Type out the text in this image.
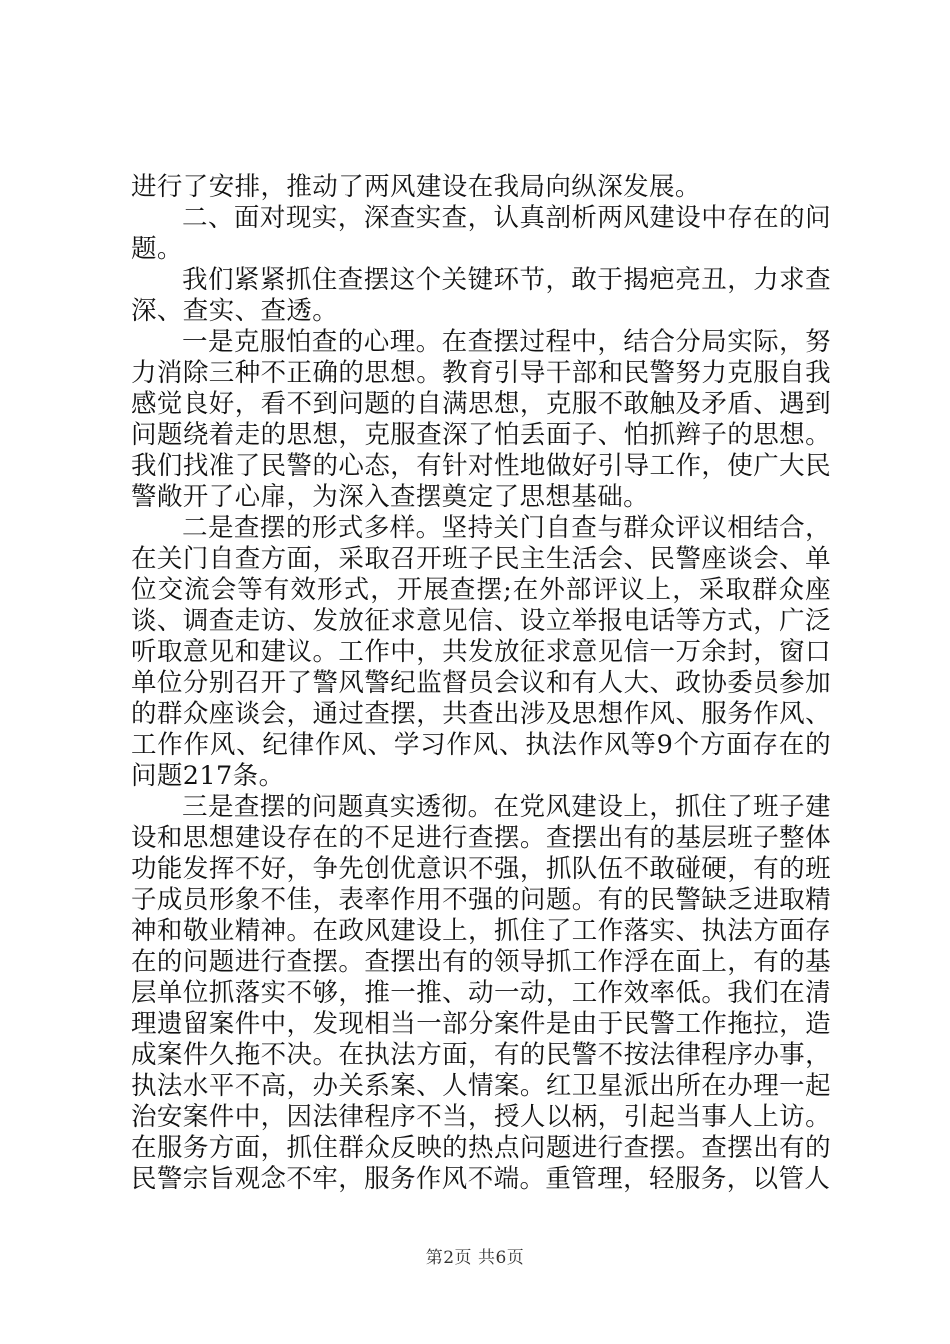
进行了安排，推动了两风建设在我局向纵深发展。

二、面对现实，深查实查，认真剖析两风建设中存在的问题。

我们紧紧抓住查摆这个关键环节，敢于揭疤亮丑，力求查深、查实、查透。

一是克服怕查的心理。在查摆过程中，结合分局实际，努力消除三种不正确的思想。教育引导干部和民警努力克服自我感觉良好，看不到问题的自满思想，克服不敢触及矛盾、遇到问题绕着走的思想，克服查深了怕丢面子、怕抓辫子的思想。我们找准了民警的心态，有针对性地做好引导工作，使广大民警敞开了心扉，为深入查摆奠定了思想基础。

二是查摆的形式多样。坚持关门自查与群众评议相结合，在关门自查方面，采取召开班子民主生活会、民警座谈会、单位交流会等有效形式，开展查摆;在外部评议上，采取群众座谈、调查走访、发放征求意见信、设立举报电话等方式，广泛听取意见和建议。工作中，共发放征求意见信一万余封，窗口单位分别召开了警风警纪监督员会议和有人大、政协委员参加的群众座谈会，通过查摆，共查出涉及思想作风、服务作风、工作作风、纪律作风、学习作风、执法作风等9个方面存在的问题217条。

三是查摆的问题真实透彻。在党风建设上，抓住了班子建设和思想建设存在的不足进行查摆。查摆出有的基层班子整体功能发挥不好，争先创优意识不强，抓队伍不敢碰硬，有的班子成员形象不佳，表率作用不强的问题。有的民警缺乏进取精神和敬业精神。在政风建设上，抓住了工作落实、执法方面存在的问题进行查摆。查摆出有的领导抓工作浮在面上，有的基层单位抓落实不够，推一推、动一动，工作效率低。我们在清理遗留案件中，发现相当一部分案件是由于民警工作拖拉，造成案件久拖不决。在执法方面，有的民警不按法律程序办事，执法水平不高，办关系案、人情案。红卫星派出所在办理一起治安案件中，因法律程序不当，授人以柄，引起当事人上访。在服务方面，抓住群众反映的热点问题进行查摆。查摆出有的民警宗旨观念不牢，服务作风不端。重管理，轻服务，以管人

第2页 共6页
